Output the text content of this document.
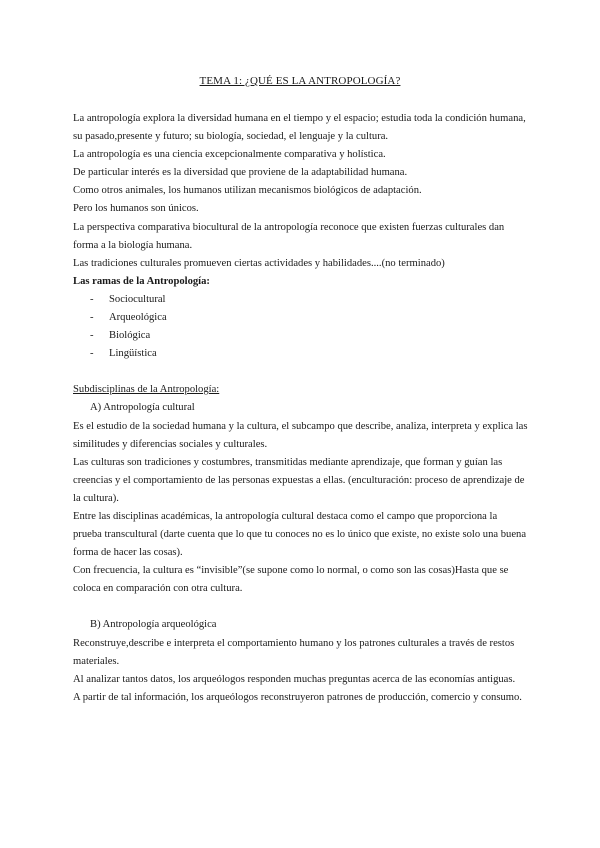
TEMA 1: ¿QUÉ ES LA ANTROPOLOGÍA?

La antropología explora la diversidad humana en el tiempo y el espacio; estudia toda la condición humana, su pasado,presente y futuro; su biología, sociedad, el lenguaje y la cultura.

La antropología es una ciencia excepcionalmente comparativa y holística.

De particular interés es la diversidad que proviene de la adaptabilidad humana.

Como otros animales, los humanos utilizan mecanismos biológicos de adaptación.

Pero los humanos son únicos.

La perspectiva comparativa biocultural de la antropología reconoce que existen fuerzas culturales dan forma a la biología humana.

Las tradiciones culturales promueven ciertas actividades y habilidades....(no terminado)

Las ramas de la Antropología:

- Sociocultural
- Arqueológica
- Biológica
- Lingüística

Subdisciplinas de la Antropología:

A) Antropología cultural

Es el estudio de la sociedad humana y la cultura, el subcampo que describe, analiza, interpreta y explica las similitudes y diferencias sociales y culturales.

Las culturas son tradiciones y costumbres, transmitidas mediante aprendizaje, que forman y guían las creencias y el comportamiento de las personas expuestas a ellas. (enculturación: proceso de aprendizaje de la cultura).

Entre las disciplinas académicas, la antropología cultural destaca como el campo que proporciona la prueba transcultural (darte cuenta que lo que tu conoces no es lo único que existe, no existe solo una buena forma de hacer las cosas).

Con frecuencia, la cultura es “invisible”(se supone como lo normal, o como son las cosas)Hasta que se coloca en comparación con otra cultura.

B) Antropología arqueológica

Reconstruye,describe e interpreta el comportamiento humano y los patrones culturales a través de restos materiales.

Al analizar tantos datos, los arqueólogos responden muchas preguntas acerca de las economías antiguas.

A partir de tal información, los arqueólogos reconstruyeron patrones de producción, comercio y consumo.
